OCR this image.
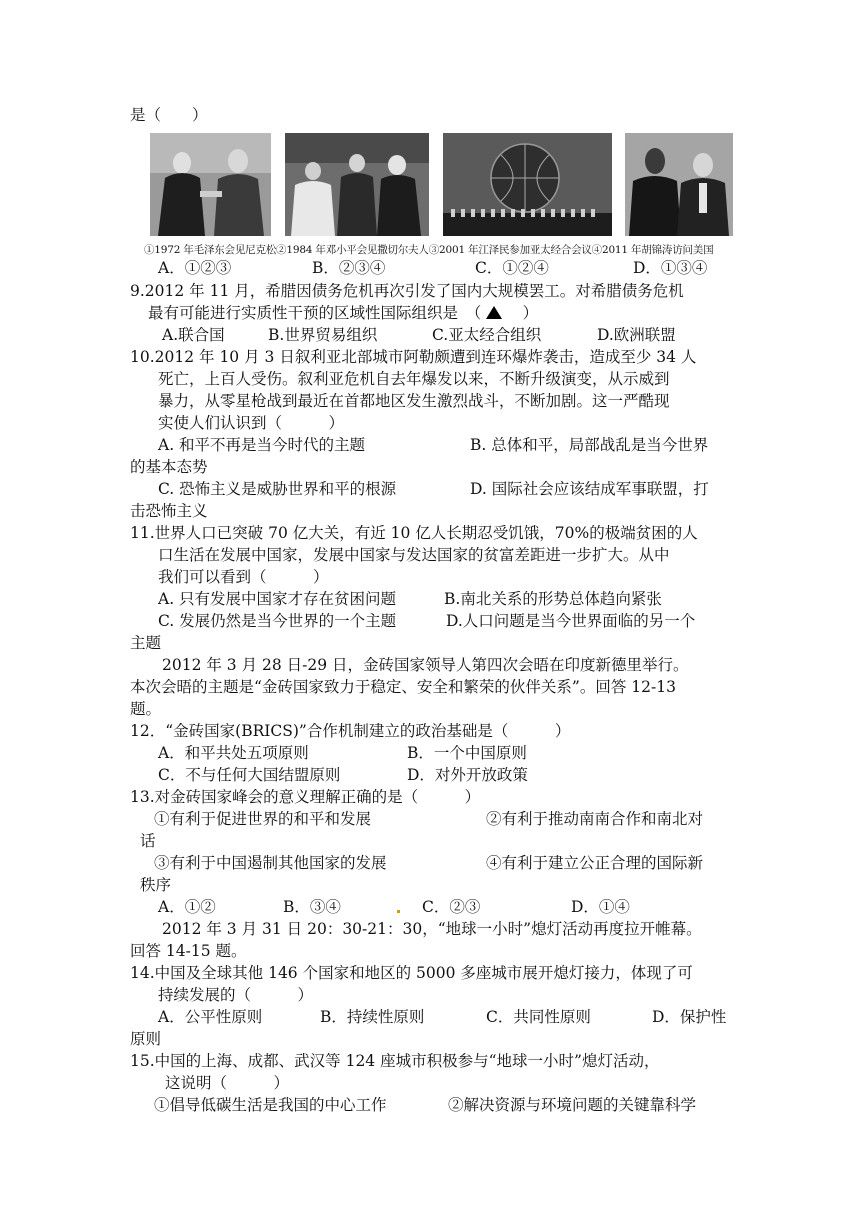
是（　　）
①1972 年毛泽东会见尼克松②1984 年邓小平会见撒切尔夫人③2001 年江泽民参加亚太经合会议④2011 年胡锦涛访问美国
A．①②③	B．②③④	C．①②④	D．①③④
9.2012 年 11 月，希腊因债务危机再次引发了国内大规模罢工。对希腊债务危机
最有可能进行实质性干预的区域性国际组织是　（  　）
A.联合国	B.世界贸易组织	C.亚太经合组织	D.欧洲联盟
10.2012 年 10 月 3 日叙利亚北部城市阿勒颇遭到连环爆炸袭击，造成至少 34 人
死亡，上百人受伤。叙利亚危机自去年爆发以来，不断升级演变，从示威到
暴力，从零星枪战到最近在首都地区发生激烈战斗，不断加剧。这一严酷现
实使人们认识到（　　　）
A. 和平不再是当今时代的主题	B. 总体和平，局部战乱是当今世界
的基本态势
C. 恐怖主义是威胁世界和平的根源	D. 国际社会应该结成军事联盟，打
击恐怖主义
11.世界人口已突破 70 亿大关，有近 10 亿人长期忍受饥饿，70%的极端贫困的人
口生活在发展中国家，发展中国家与发达国家的贫富差距进一步扩大。从中
我们可以看到（　　　）
A. 只有发展中国家才存在贫困问题	B.南北关系的形势总体趋向紧张
C. 发展仍然是当今世界的一个主题	D.人口问题是当今世界面临的另一个
主题
2012 年 3 月 28 日-29 日，金砖国家领导人第四次会晤在印度新德里举行。
本次会晤的主题是“金砖国家致力于稳定、安全和繁荣的伙伴关系”。回答 12-13
题。
12．“金砖国家(BRICS)”合作机制建立的政治基础是（　　　）
A．和平共处五项原则	B．一个中国原则
C．不与任何大国结盟原则	D．对外开放政策
13.对金砖国家峰会的意义理解正确的是（　　　）
①有利于促进世界的和平和发展	②有利于推动南南合作和南北对
话
③有利于中国遏制其他国家的发展	④有利于建立公正合理的国际新
秩序
A．①②	B．③④	C．②③	D．①④
2012 年 3 月 31 日 20：30-21：30，“地球一小时”熄灯活动再度拉开帷幕。
回答 14-15 题。
14.中国及全球其他 146 个国家和地区的 5000 多座城市展开熄灯接力，体现了可
持续发展的（　　　）
A．公平性原则	B．持续性原则	C．共同性原则	D．保护性
原则
15.中国的上海、成都、武汉等 124 座城市积极参与“地球一小时”熄灯活动，
这说明（　　　）
①倡导低碳生活是我国的中心工作	②解决资源与环境问题的关键靠科学
